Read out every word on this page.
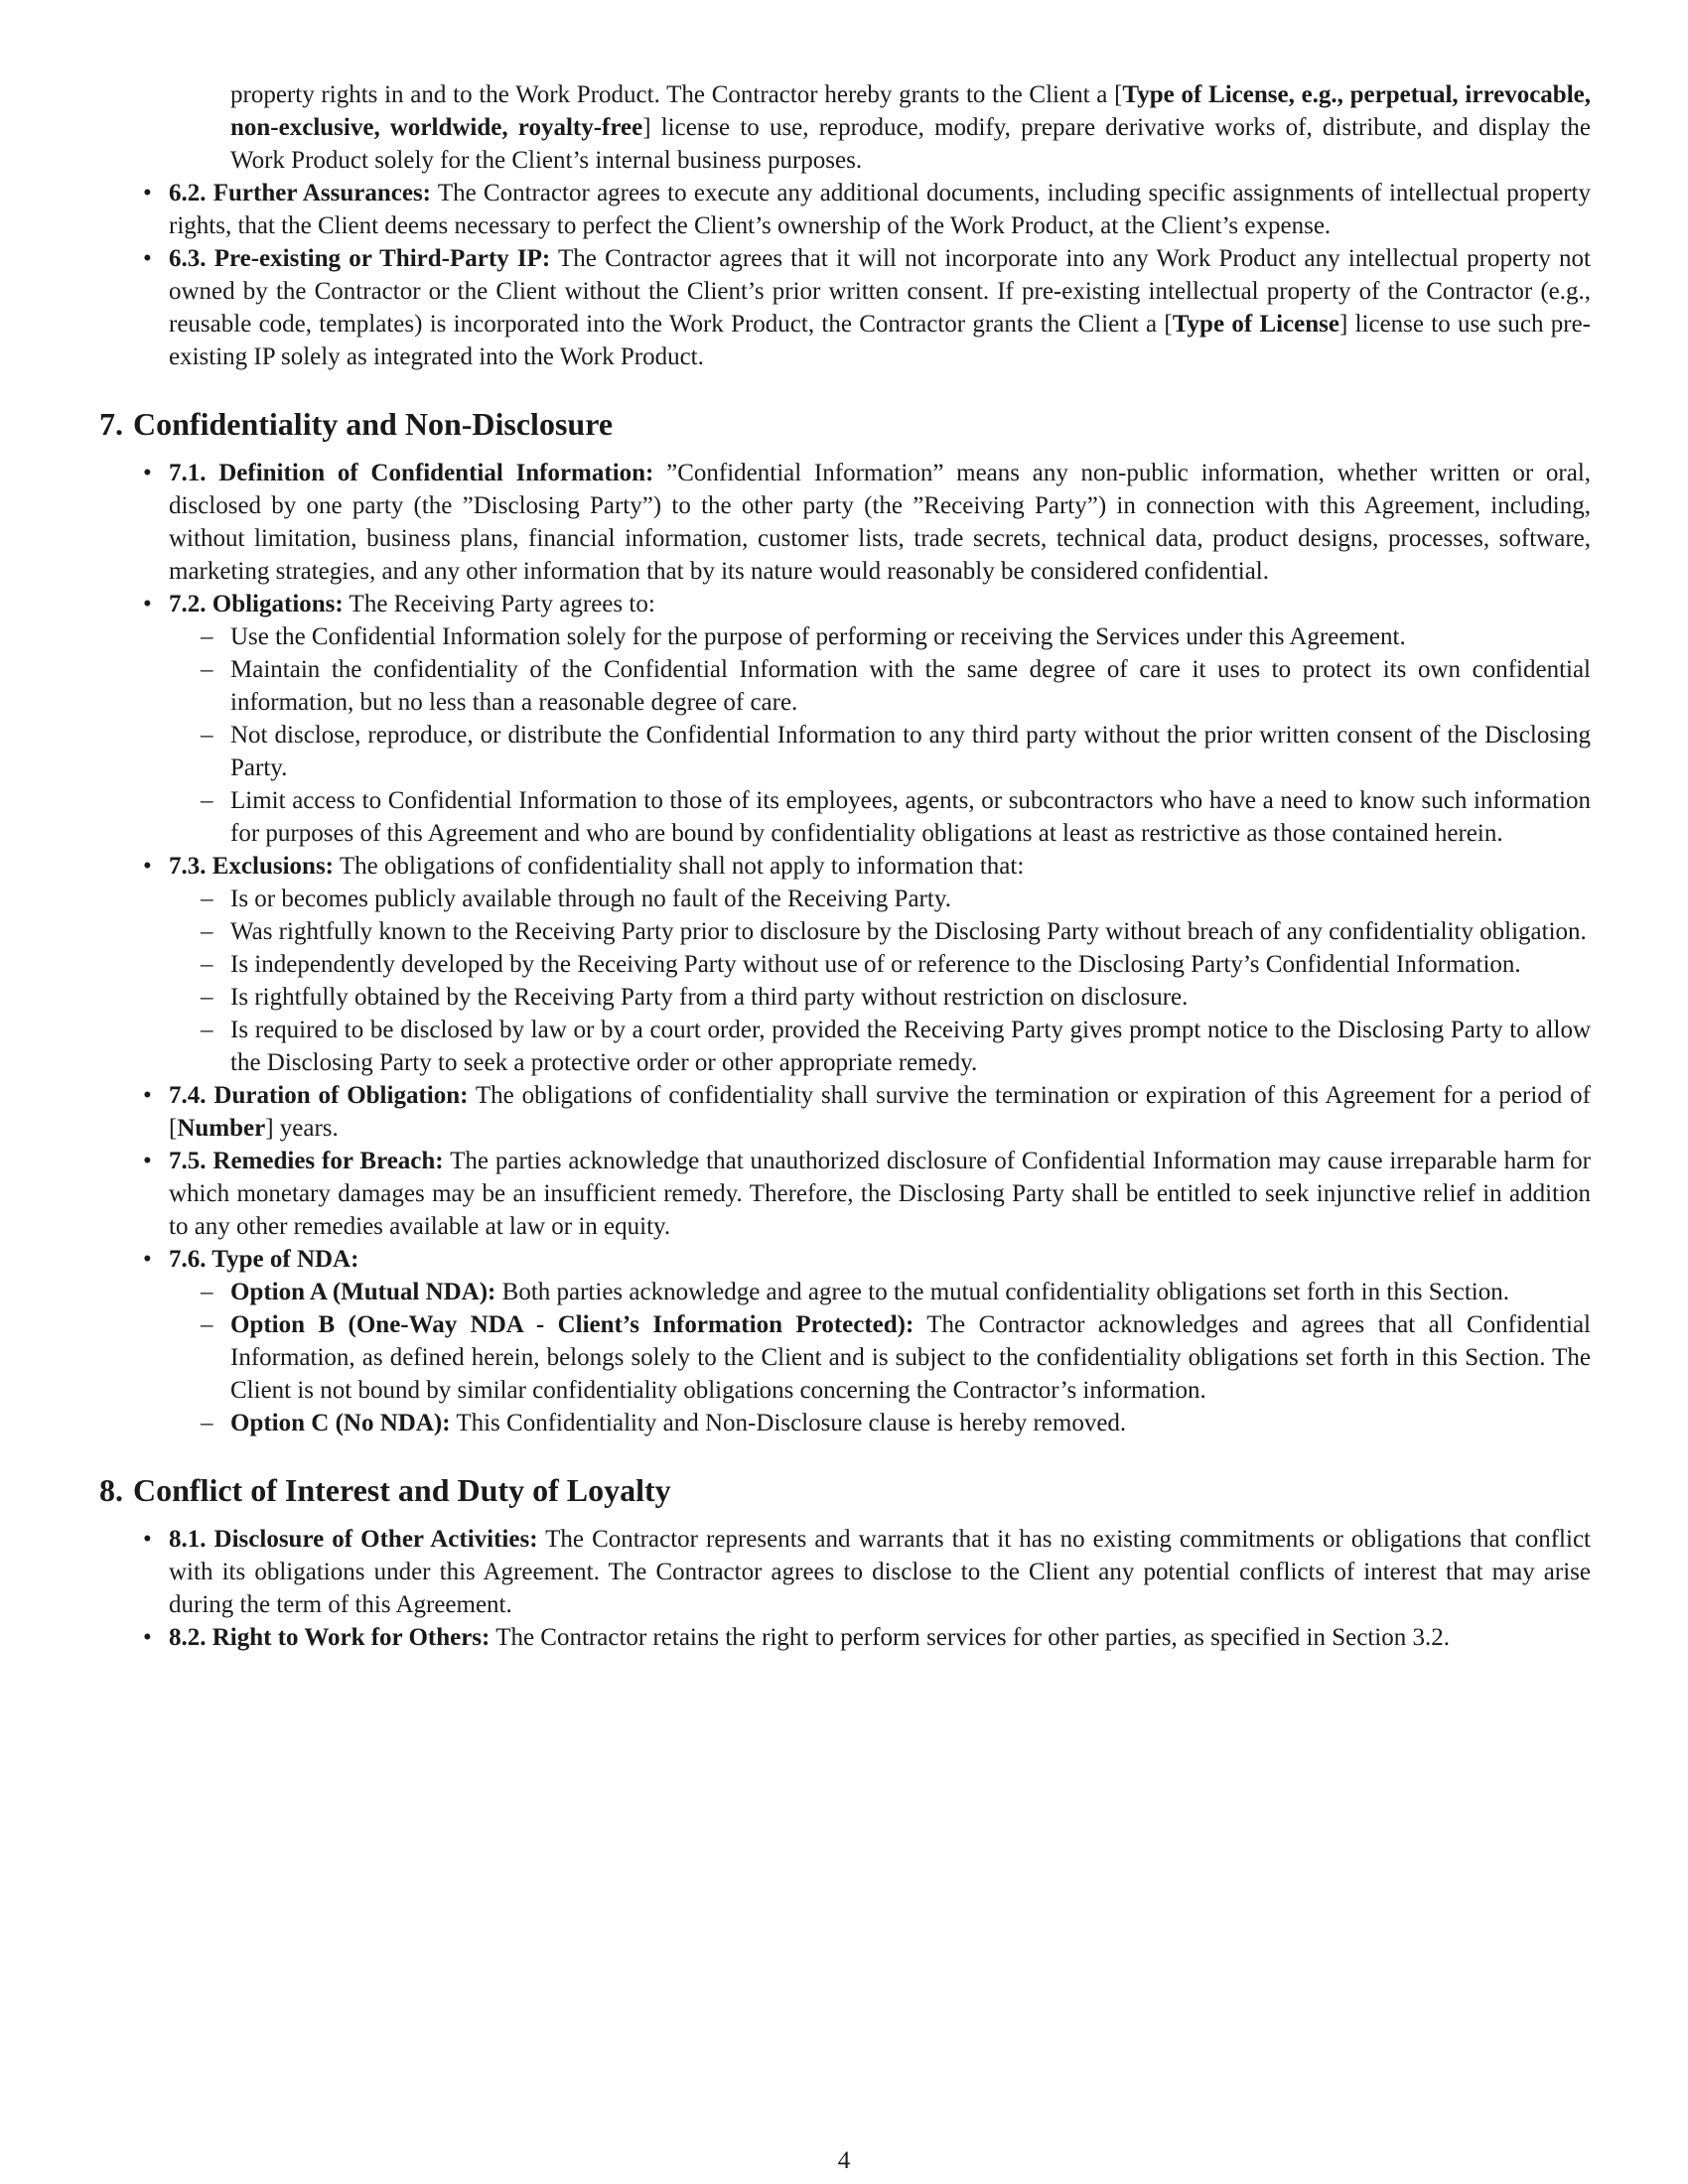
property rights in and to the Work Product. The Contractor hereby grants to the Client a [Type of License, e.g., perpetual, irrevocable, non-exclusive, worldwide, royalty-free] license to use, reproduce, modify, prepare derivative works of, distribute, and display the Work Product solely for the Client’s internal business purposes.
• 6.2. Further Assurances: The Contractor agrees to execute any additional documents, including specific assignments of intellectual property rights, that the Client deems necessary to perfect the Client’s ownership of the Work Product, at the Client’s expense.
• 6.3. Pre-existing or Third-Party IP: The Contractor agrees that it will not incorporate into any Work Product any intellectual property not owned by the Contractor or the Client without the Client’s prior written consent. If pre-existing intellectual property of the Contractor (e.g., reusable code, templates) is incorporated into the Work Product, the Contractor grants the Client a [Type of License] license to use such pre-existing IP solely as integrated into the Work Product.
7. Confidentiality and Non-Disclosure
• 7.1. Definition of Confidential Information: ”Confidential Information” means any non-public information, whether written or oral, disclosed by one party (the ”Disclosing Party”) to the other party (the ”Receiving Party”) in connection with this Agreement, including, without limitation, business plans, financial information, customer lists, trade secrets, technical data, product designs, processes, software, marketing strategies, and any other information that by its nature would reasonably be considered confidential.
• 7.2. Obligations: The Receiving Party agrees to:
– Use the Confidential Information solely for the purpose of performing or receiving the Services under this Agreement.
– Maintain the confidentiality of the Confidential Information with the same degree of care it uses to protect its own confidential information, but no less than a reasonable degree of care.
– Not disclose, reproduce, or distribute the Confidential Information to any third party without the prior written consent of the Disclosing Party.
– Limit access to Confidential Information to those of its employees, agents, or subcontractors who have a need to know such information for purposes of this Agreement and who are bound by confidentiality obligations at least as restrictive as those contained herein.
• 7.3. Exclusions: The obligations of confidentiality shall not apply to information that:
– Is or becomes publicly available through no fault of the Receiving Party.
– Was rightfully known to the Receiving Party prior to disclosure by the Disclosing Party without breach of any confidentiality obligation.
– Is independently developed by the Receiving Party without use of or reference to the Disclosing Party’s Confidential Information.
– Is rightfully obtained by the Receiving Party from a third party without restriction on disclosure.
– Is required to be disclosed by law or by a court order, provided the Receiving Party gives prompt notice to the Disclosing Party to allow the Disclosing Party to seek a protective order or other appropriate remedy.
• 7.4. Duration of Obligation: The obligations of confidentiality shall survive the termination or expiration of this Agreement for a period of [Number] years.
• 7.5. Remedies for Breach: The parties acknowledge that unauthorized disclosure of Confidential Information may cause irreparable harm for which monetary damages may be an insufficient remedy. Therefore, the Disclosing Party shall be entitled to seek injunctive relief in addition to any other remedies available at law or in equity.
• 7.6. Type of NDA:
– Option A (Mutual NDA): Both parties acknowledge and agree to the mutual confidentiality obligations set forth in this Section.
– Option B (One-Way NDA - Client’s Information Protected): The Contractor acknowledges and agrees that all Confidential Information, as defined herein, belongs solely to the Client and is subject to the confidentiality obligations set forth in this Section. The Client is not bound by similar confidentiality obligations concerning the Contractor’s information.
– Option C (No NDA): This Confidentiality and Non-Disclosure clause is hereby removed.
8. Conflict of Interest and Duty of Loyalty
• 8.1. Disclosure of Other Activities: The Contractor represents and warrants that it has no existing commitments or obligations that conflict with its obligations under this Agreement. The Contractor agrees to disclose to the Client any potential conflicts of interest that may arise during the term of this Agreement.
• 8.2. Right to Work for Others: The Contractor retains the right to perform services for other parties, as specified in Section 3.2.
4
